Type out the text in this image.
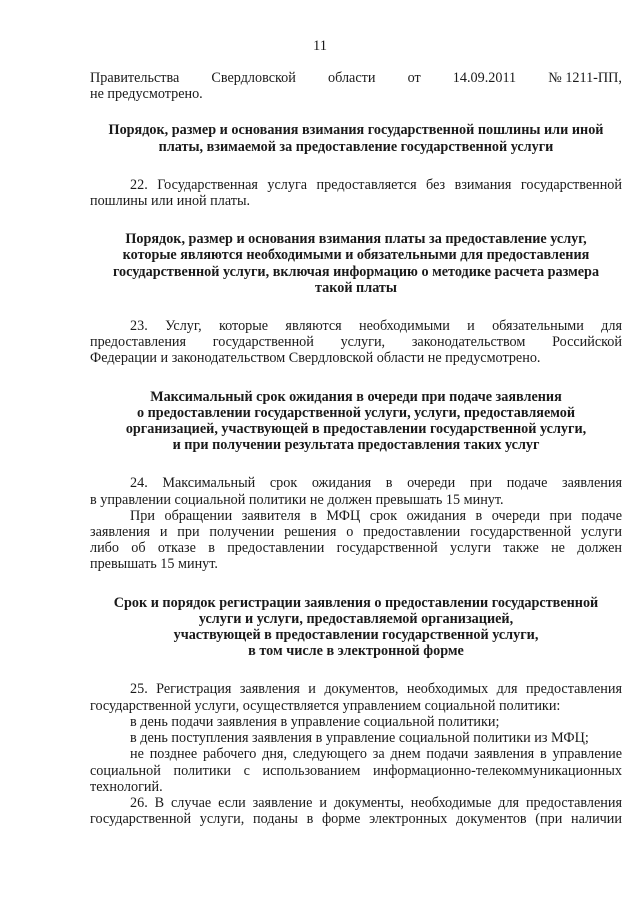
11
Правительства Свердловской области от 14.09.2011 № 1211-ПП,

не предусмотрено.

Порядок, размер и основания взимания государственной пошлины или иной

платы, взимаемой за предоставление государственной услуги

22. Государственная услуга предоставляется без взимания государственной

пошлины или иной платы.

Порядок, размер и основания взимания платы за предоставление услуг,

которые являются необходимыми и обязательными для предоставления

государственной услуги, включая информацию о методике расчета размера

такой платы

23. Услуг, которые являются необходимыми и обязательными для

предоставления государственной услуги, законодательством Российской

Федерации и законодательством Свердловской области не предусмотрено.

Максимальный срок ожидания в очереди при подаче заявления

о предоставлении государственной услуги, услуги, предоставляемой

организацией, участвующей в предоставлении государственной услуги,

и при получении результата предоставления таких услуг

24. Максимальный срок ожидания в очереди при подаче заявления

в управлении социальной политики не должен превышать 15 минут.

При обращении заявителя в МФЦ срок ожидания в очереди при подаче

заявления и при получении решения о предоставлении государственной услуги

либо об отказе в предоставлении государственной услуги также не должен

превышать 15 минут.

Срок и порядок регистрации заявления о предоставлении государственной

услуги и услуги, предоставляемой организацией,

участвующей в предоставлении государственной услуги,

в том числе в электронной форме

25. Регистрация заявления и документов, необходимых для предоставления

государственной услуги, осуществляется управлением социальной политики:

в день подачи заявления в управление социальной политики;

в день поступления заявления в управление социальной политики из МФЦ;

не позднее рабочего дня, следующего за днем подачи заявления в управление

социальной политики с использованием информационно-телекоммуникационных

технологий.

26. В случае если заявление и документы, необходимые для предоставления

государственной услуги, поданы в форме электронных документов (при наличии
